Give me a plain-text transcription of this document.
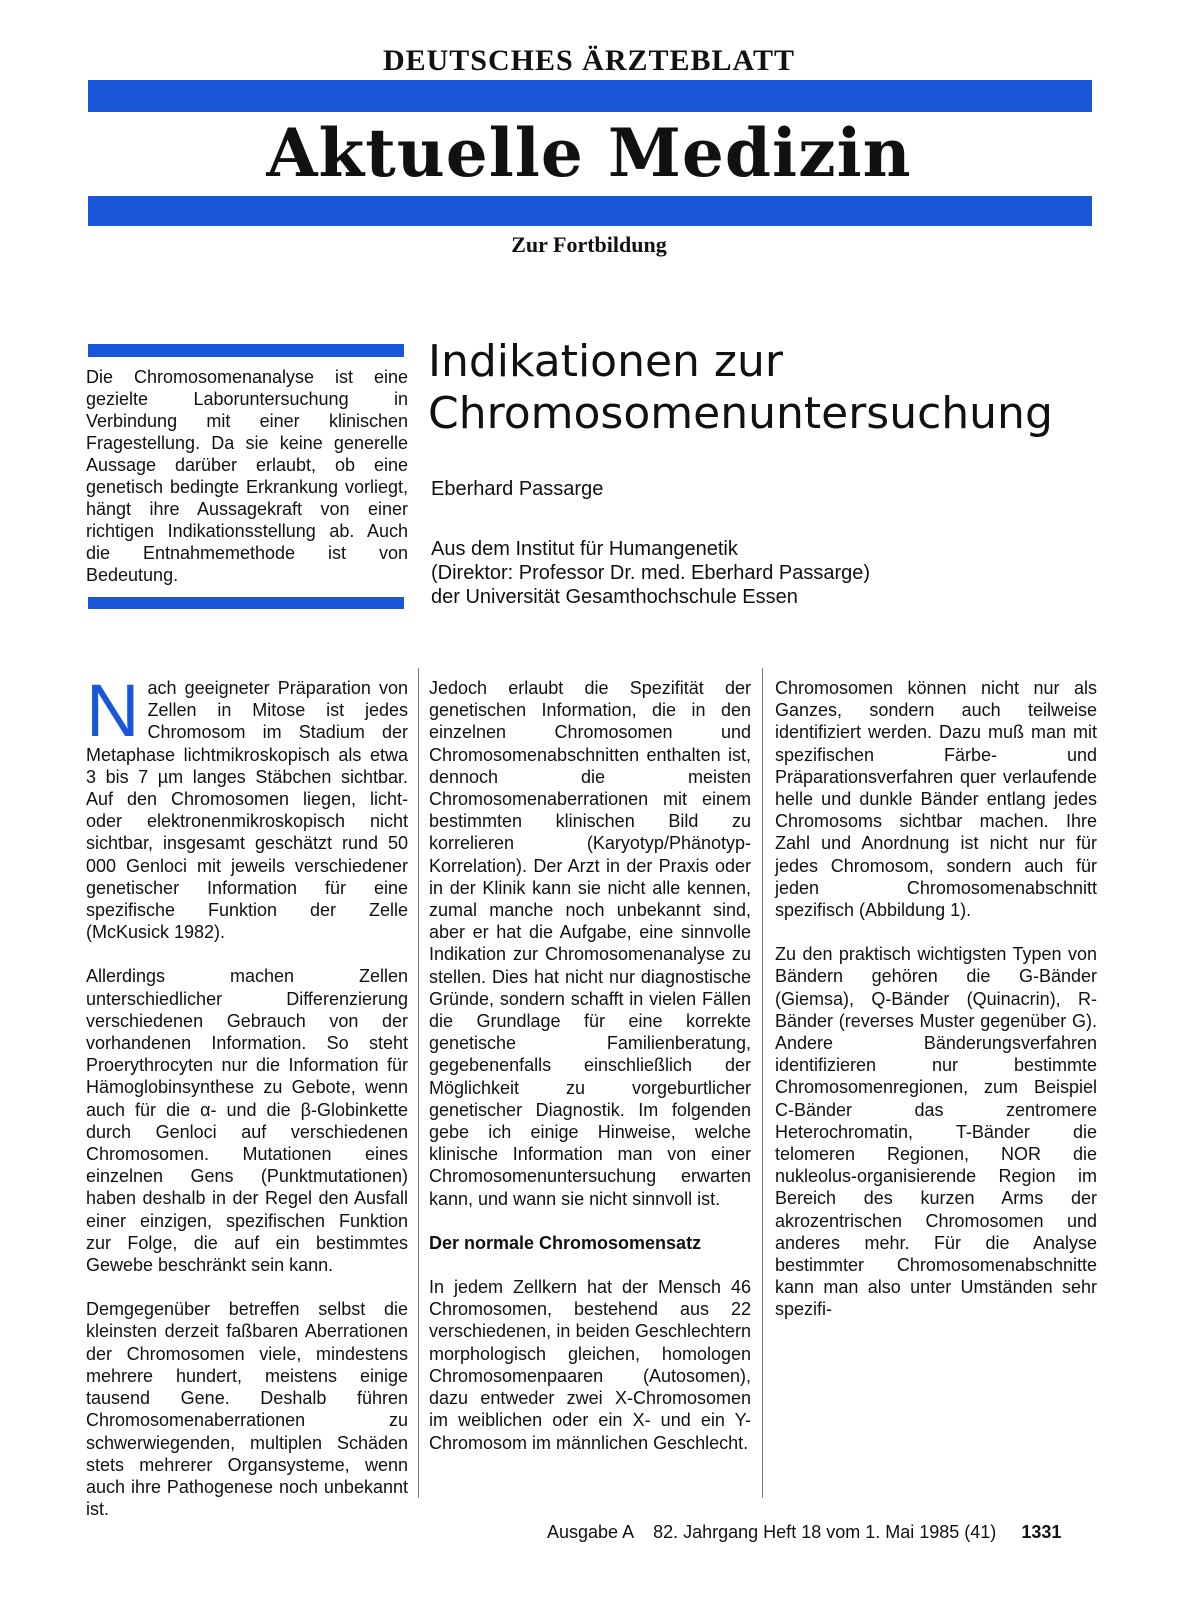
DEUTSCHES ÄRZTEBLATT
Aktuelle Medizin
Zur Fortbildung

Die Chromosomenanalyse ist eine gezielte Laboruntersuchung in Verbindung mit einer klinischen Fragestellung. Da sie keine generelle Aussage darüber erlaubt, ob eine genetisch bedingte Erkrankung vorliegt, hängt ihre Aussagekraft von einer richtigen Indikationsstellung ab. Auch die Entnahmemethode ist von Bedeutung.

Indikationen zur
Chromosomenuntersuchung
Eberhard Passarge
Aus dem Institut für Humangenetik
(Direktor: Professor Dr. med. Eberhard Passarge)
der Universität Gesamthochschule Essen

Nach geeigneter Präparation von Zellen in Mitose ist jedes Chromosom im Stadium der Metaphase lichtmikroskopisch als etwa 3 bis 7 µm langes Stäbchen sichtbar. Auf den Chromosomen liegen, licht- oder elektronenmikroskopisch nicht sichtbar, insgesamt geschätzt rund 50 000 Genloci mit jeweils verschiedener genetischer Information für eine spezifische Funktion der Zelle (McKusick 1982).

Allerdings machen Zellen unterschiedlicher Differenzierung verschiedenen Gebrauch von der vorhandenen Information. So steht Proerythrocyten nur die Information für Hämoglobinsynthese zu Gebote, wenn auch für die α- und die β-Globinkette durch Genloci auf verschiedenen Chromosomen. Mutationen eines einzelnen Gens (Punktmutationen) haben deshalb in der Regel den Ausfall einer einzigen, spezifischen Funktion zur Folge, die auf ein bestimmtes Gewebe beschränkt sein kann.

Demgegenüber betreffen selbst die kleinsten derzeit faßbaren Aberrationen der Chromosomen viele, mindestens mehrere hundert, meistens einige tausend Gene. Deshalb führen Chromosomenaberrationen zu schwerwiegenden, multiplen Schäden stets mehrerer Organsysteme, wenn auch ihre Pathogenese noch unbekannt ist.

Jedoch erlaubt die Spezifität der genetischen Information, die in den einzelnen Chromosomen und Chromosomenabschnitten enthalten ist, dennoch die meisten Chromosomenaberrationen mit einem bestimmten klinischen Bild zu korrelieren (Karyotyp/Phänotyp-Korrelation). Der Arzt in der Praxis oder in der Klinik kann sie nicht alle kennen, zumal manche noch unbekannt sind, aber er hat die Aufgabe, eine sinnvolle Indikation zur Chromosomenanalyse zu stellen. Dies hat nicht nur diagnostische Gründe, sondern schafft in vielen Fällen die Grundlage für eine korrekte genetische Familienberatung, gegebenenfalls einschließlich der Möglichkeit zu vorgeburtlicher genetischer Diagnostik. Im folgenden gebe ich einige Hinweise, welche klinische Information man von einer Chromosomenuntersuchung erwarten kann, und wann sie nicht sinnvoll ist.

Der normale Chromosomensatz

In jedem Zellkern hat der Mensch 46 Chromosomen, bestehend aus 22 verschiedenen, in beiden Geschlechtern morphologisch gleichen, homologen Chromosomenpaaren (Autosomen), dazu entweder zwei X-Chromosomen im weiblichen oder ein X- und ein Y-Chromosom im männlichen Geschlecht.

Chromosomen können nicht nur als Ganzes, sondern auch teilweise identifiziert werden. Dazu muß man mit spezifischen Färbe- und Präparationsverfahren quer verlaufende helle und dunkle Bänder entlang jedes Chromosoms sichtbar machen. Ihre Zahl und Anordnung ist nicht nur für jedes Chromosom, sondern auch für jeden Chromosomenabschnitt spezifisch (Abbildung 1).

Zu den praktisch wichtigsten Typen von Bändern gehören die G-Bänder (Giemsa), Q-Bänder (Quinacrin), R-Bänder (reverses Muster gegenüber G). Andere Bänderungsverfahren identifizieren nur bestimmte Chromosomenregionen, zum Beispiel C-Bänder das zentromere Heterochromatin, T-Bänder die telomeren Regionen, NOR die nukleolus-organisierende Region im Bereich des kurzen Arms der akrozentrischen Chromosomen und anderes mehr. Für die Analyse bestimmter Chromosomenabschnitte kann man also unter Umständen sehr spezifi-

Ausgabe A 82. Jahrgang Heft 18 vom 1. Mai 1985 (41) 1331
